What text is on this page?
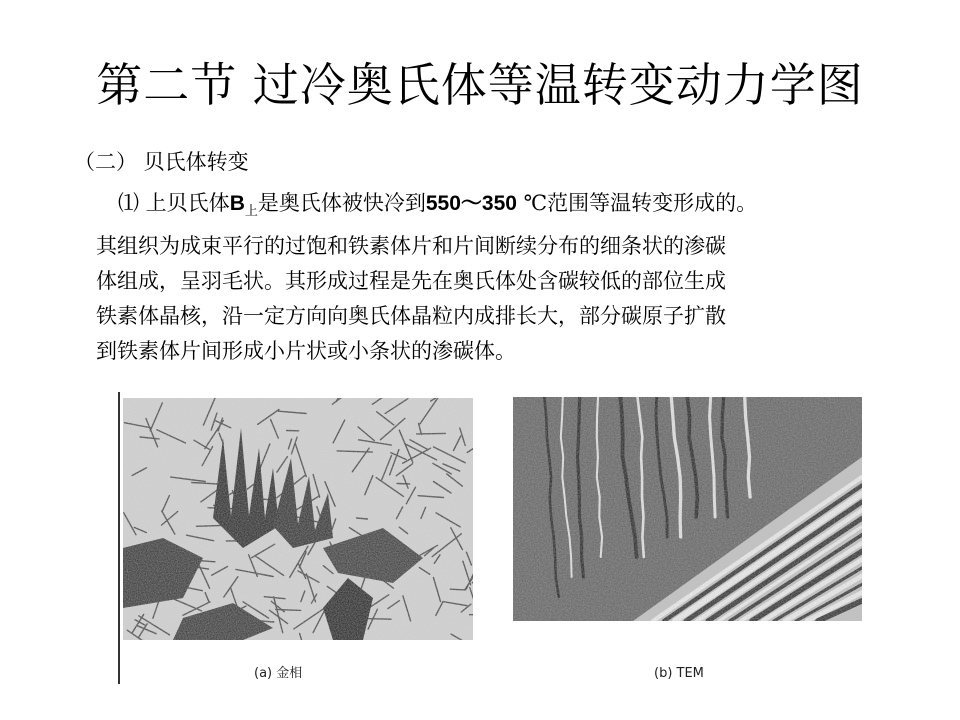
第二节 过冷奥氏体等温转变动力学图
（二） 贝氏体转变
⑴ 上贝氏体$B_上$是奥氏体被快冷到550～350 ℃范围等温转变形成的。
其组织为成束平行的过饱和铁素体片和片间断续分布的细条状的渗碳
体组成，呈羽毛状。其形成过程是先在奥氏体处含碳较低的部位生成
铁素体晶核，沿一定方向向奥氏体晶粒内成排长大，部分碳原子扩散
到铁素体片间形成小片状或小条状的渗碳体。
(a) 金相	(b) TEM
